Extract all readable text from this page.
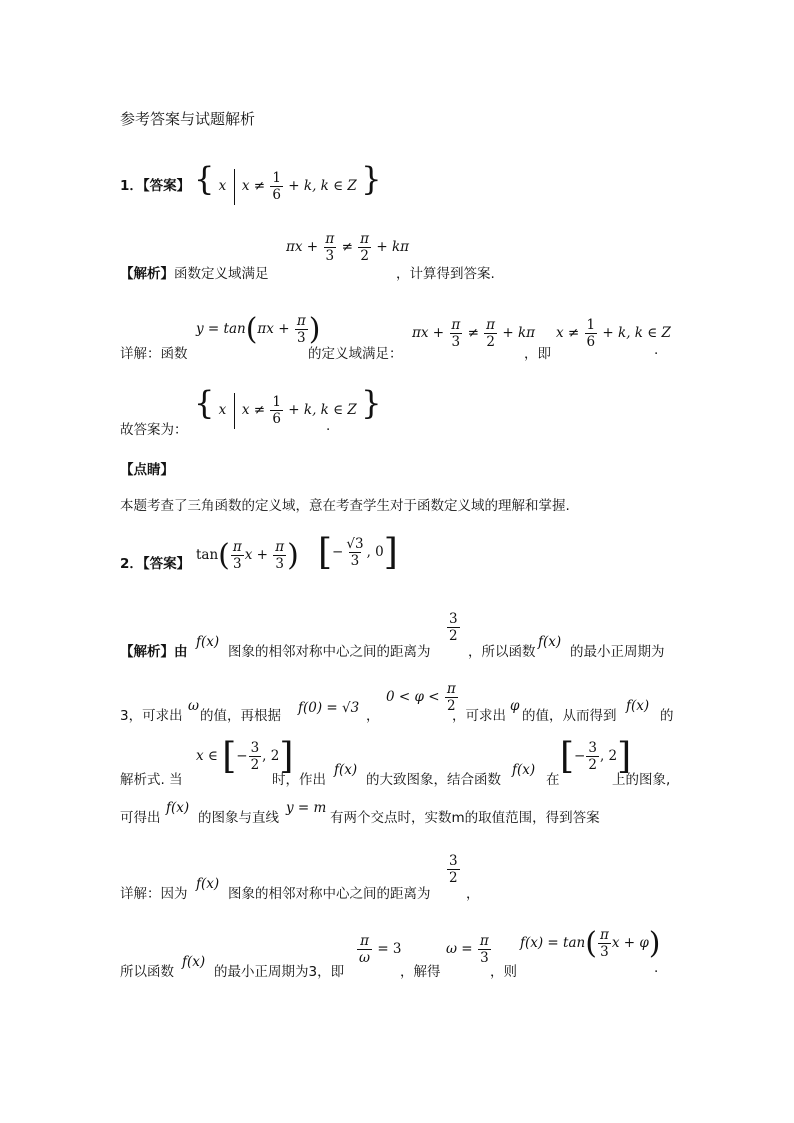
参考答案与试题解析
1．【答案】 { x $x \ne \frac{1}{6} + k$, k ∈ Z }
【解析】函数定义域满足
$\pi x + \frac{\pi}{3} \ne \frac{\pi}{2} + k\pi$
，计算得到答案.
详解：函数
$y = \tan(\pi x + \frac{\pi}{3}$ )
的定义域满足：
$\pi x + \frac{\pi}{3} \ne \frac{\pi}{2} + k\pi$
，即
$x \ne \frac{1}{6} + k$, k ∈ Z
.
故答案为：
{ x $x \ne \frac{1}{6} + k$, k ∈ Z }
.
【点睛】
本题考查了三角函数的定义域，意在考查学生对于函数定义域的理解和掌握.
2．【答案】
$\tan( \frac{\pi}{3}$ $x + \frac{\pi}{3}$ ) [− $\frac{√3}{3}$ , 0]
【解析】由
f(x)
图象的相邻对称中心之间的距离为
$\frac{3}{2}$
，所以函数
f(x)
的最小正周期为
3，可求出
ω
的值，再根据 f(0) = √3 ，
$0 < \varphi < \frac{\pi}{2}$
，可求出
φ
的值，从而得到
f(x)
的
解析式. 当
x ∈ [− $\frac{3}{2}$ , 2]
时，作出
f(x)
的大致图象，结合函数
f(x)
在
[− $\frac{3}{2}$ , 2]
上的图象,
可得出
f(x)
的图象与直线
y = m
有两个交点时，实数m的取值范围，得到答案
详解：因为
f(x)
图象的相邻对称中心之间的距离为
$\frac{3}{2}$
，
所以函数
f(x)
的最小正周期为3，即
$\frac{\pi}{\omega} = 3$
，解得
$\omega = \frac{\pi}{3}$
，则
$f(x) = \tan( \frac{\pi}{3}$ x + φ)
.
